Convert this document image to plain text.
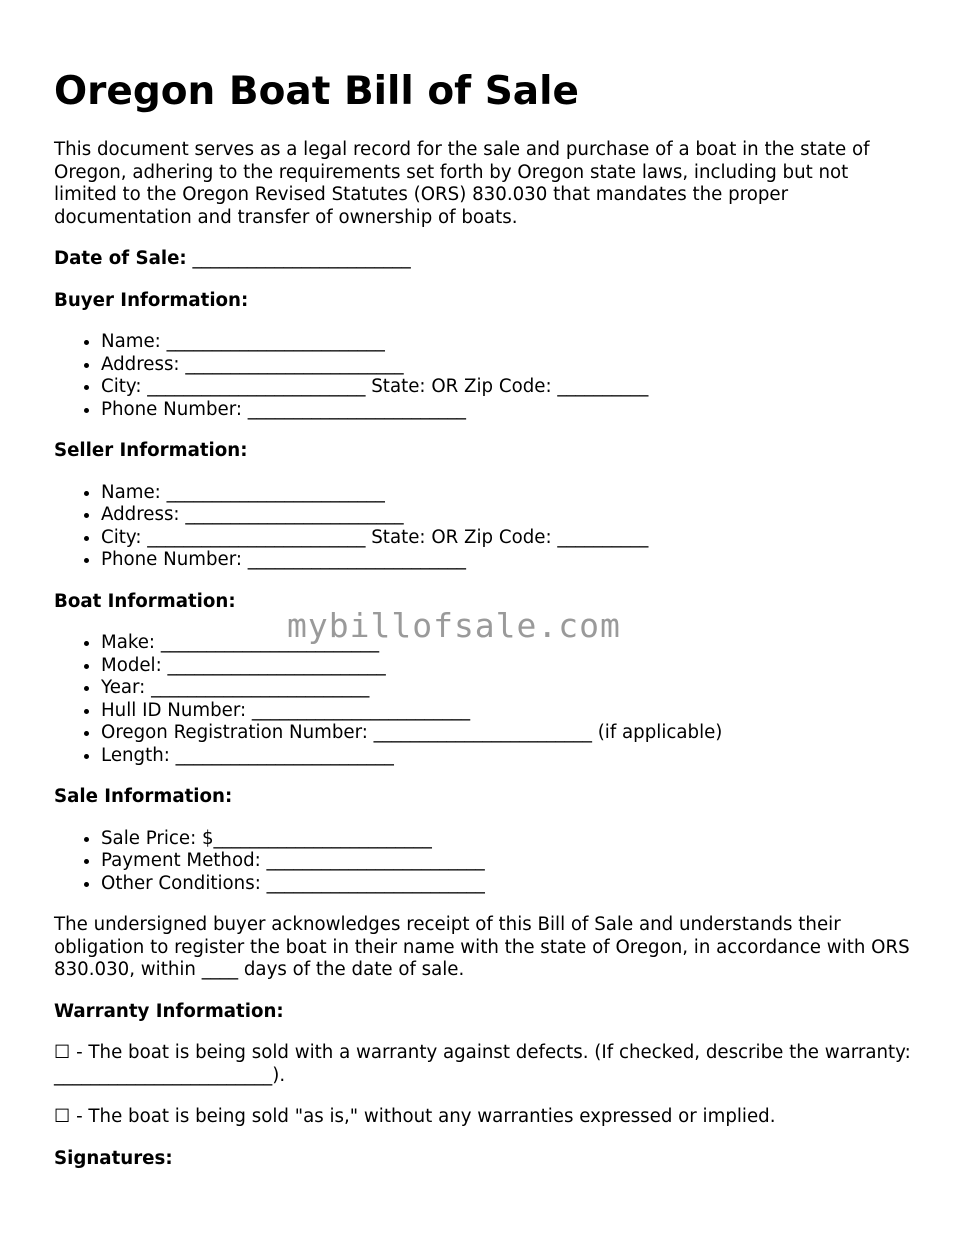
Oregon Boat Bill of Sale

This document serves as a legal record for the sale and purchase of a boat in the state of Oregon, adhering to the requirements set forth by Oregon state laws, including but not limited to the Oregon Revised Statutes (ORS) 830.030 that mandates the proper documentation and transfer of ownership of boats.

Date of Sale: ________________________
Buyer Information:
• Name: ________________________
• Address: ________________________
• City: ________________________ State: OR Zip Code: __________
• Phone Number: ________________________
Seller Information:
• Name: ________________________
• Address: ________________________
• City: ________________________ State: OR Zip Code: __________
• Phone Number: ________________________
Boat Information:
• Make: ________________________
• Model: ________________________
• Year: ________________________
• Hull ID Number: ________________________
• Oregon Registration Number: ________________________ (if applicable)
• Length: ________________________
Sale Information:
• Sale Price: $________________________
• Payment Method: ________________________
• Other Conditions: ________________________

The undersigned buyer acknowledges receipt of this Bill of Sale and understands their obligation to register the boat in their name with the state of Oregon, in accordance with ORS 830.030, within ____ days of the date of sale.

Warranty Information:

☐ - The boat is being sold with a warranty against defects. (If checked, describe the warranty: ________________________).

☐ - The boat is being sold "as is," without any warranties expressed or implied.

Signatures:
mybillofsale.com
